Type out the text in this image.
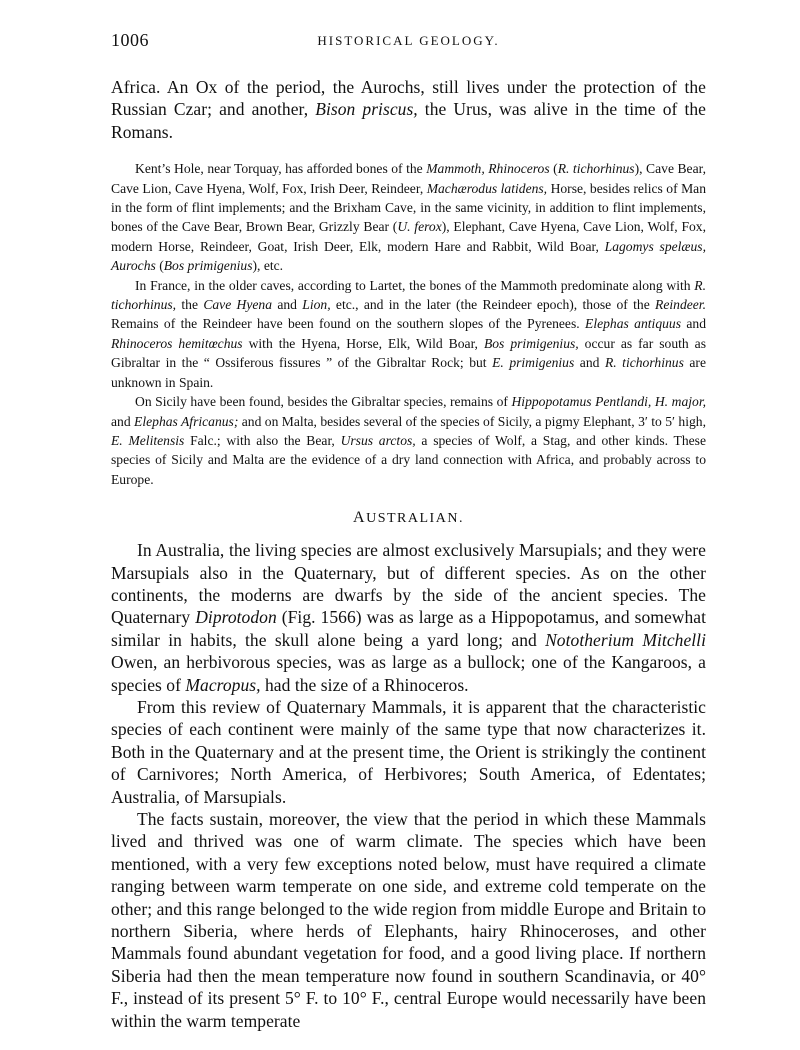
1006	HISTORICAL GEOLOGY.

Africa. An Ox of the period, the Aurochs, still lives under the protection of the Russian Czar; and another, Bison priscus, the Urus, was alive in the time of the Romans.

Kent’s Hole, near Torquay, has afforded bones of the Mammoth, Rhinoceros (R. tichorhinus), Cave Bear, Cave Lion, Cave Hyena, Wolf, Fox, Irish Deer, Reindeer, Machærodus latidens, Horse, besides relics of Man in the form of flint implements; and the Brixham Cave, in the same vicinity, in addition to flint implements, bones of the Cave Bear, Brown Bear, Grizzly Bear (U. ferox), Elephant, Cave Hyena, Cave Lion, Wolf, Fox, modern Horse, Reindeer, Goat, Irish Deer, Elk, modern Hare and Rabbit, Wild Boar, Lagomys spelæus, Aurochs (Bos primigenius), etc.

In France, in the older caves, according to Lartet, the bones of the Mammoth predominate along with R. tichorhinus, the Cave Hyena and Lion, etc., and in the later (the Reindeer epoch), those of the Reindeer. Remains of the Reindeer have been found on the southern slopes of the Pyrenees. Elephas antiquus and Rhinoceros hemitœchus with the Hyena, Horse, Elk, Wild Boar, Bos primigenius, occur as far south as Gibraltar in the “ Ossiferous fissures ” of the Gibraltar Rock; but E. primigenius and R. tichorhinus are unknown in Spain.

On Sicily have been found, besides the Gibraltar species, remains of Hippopotamus Pentlandi, H. major, and Elephas Africanus; and on Malta, besides several of the species of Sicily, a pigmy Elephant, 3′ to 5′ high, E. Melitensis Falc.; with also the Bear, Ursus arctos, a species of Wolf, a Stag, and other kinds. These species of Sicily and Malta are the evidence of a dry land connection with Africa, and probably across to Europe.

AUSTRALIAN.

In Australia, the living species are almost exclusively Marsupials; and they were Marsupials also in the Quaternary, but of different species. As on the other continents, the moderns are dwarfs by the side of the ancient species. The Quaternary Diprotodon (Fig. 1566) was as large as a Hippopotamus, and somewhat similar in habits, the skull alone being a yard long; and Nototherium Mitchelli Owen, an herbivorous species, was as large as a bullock; one of the Kangaroos, a species of Macropus, had the size of a Rhinoceros.

From this review of Quaternary Mammals, it is apparent that the characteristic species of each continent were mainly of the same type that now characterizes it. Both in the Quaternary and at the present time, the Orient is strikingly the continent of Carnivores; North America, of Herbivores; South America, of Edentates; Australia, of Marsupials.

The facts sustain, moreover, the view that the period in which these Mammals lived and thrived was one of warm climate. The species which have been mentioned, with a very few exceptions noted below, must have required a climate ranging between warm temperate on one side, and extreme cold temperate on the other; and this range belonged to the wide region from middle Europe and Britain to northern Siberia, where herds of Elephants, hairy Rhinoceroses, and other Mammals found abundant vegetation for food, and a good living place. If northern Siberia had then the mean temperature now found in southern Scandinavia, or 40° F., instead of its present 5° F. to 10° F., central Europe would necessarily have been within the warm temperate
